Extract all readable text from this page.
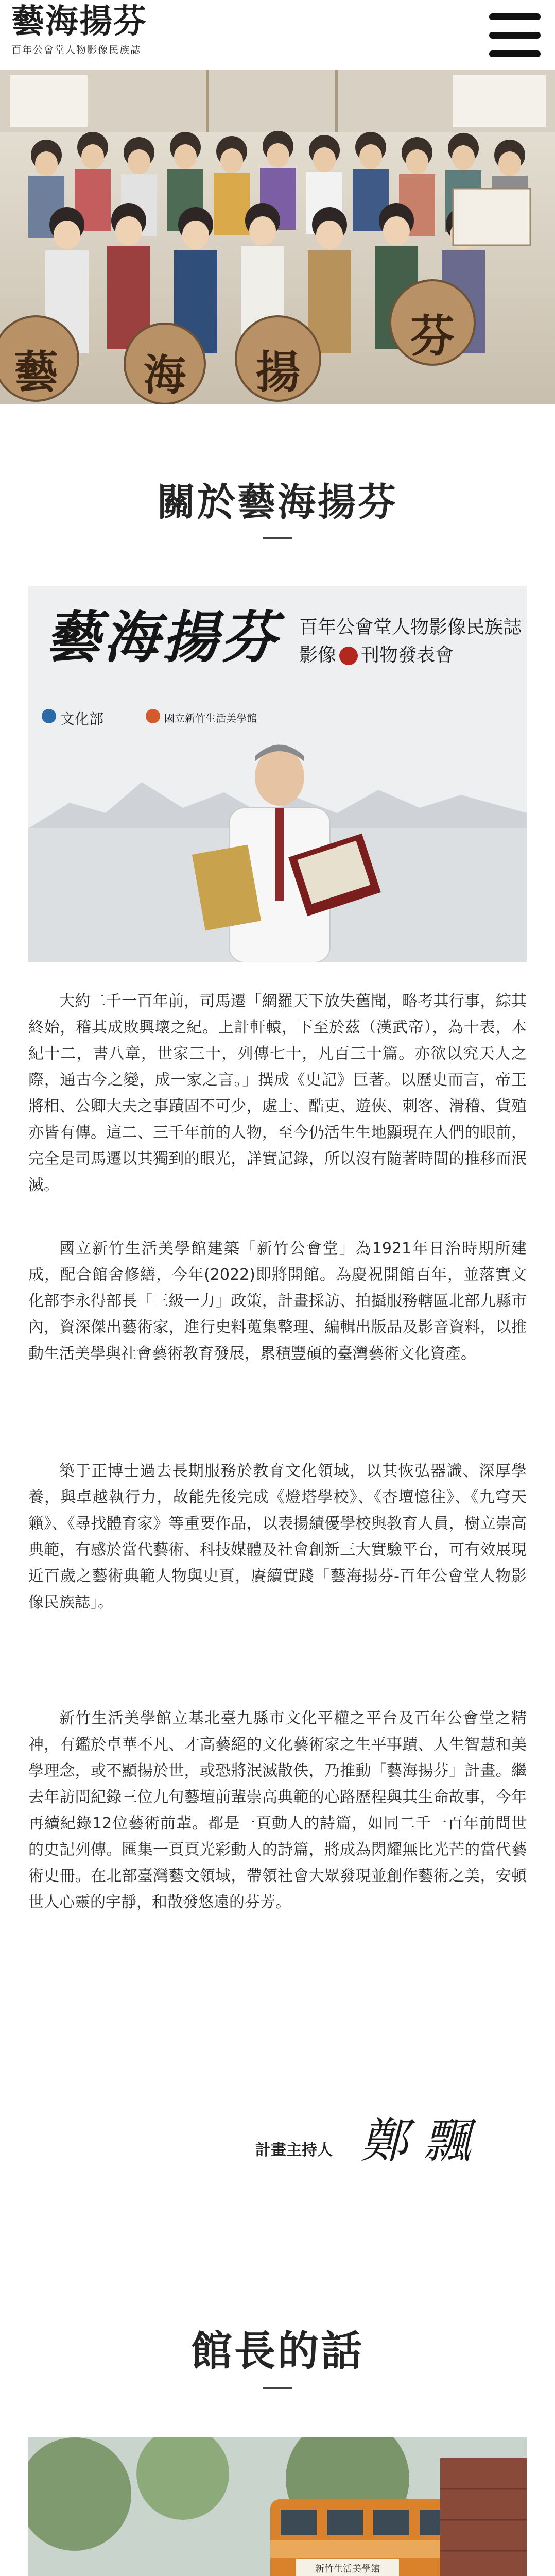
藝海揚芬
百年公會堂人物影像民族誌
藝	海	揚
芬
關於藝海揚芬
藝海揚芬	百年公會堂人物影像民族誌
影像 刊物發表會
文化部	國立新竹生活美學館

大約二千一百年前，司馬遷「網羅天下放失舊聞，略考其行事，綜其終始，稽其成敗興壞之紀。上計軒轅，下至於茲（漢武帝），為十表，本紀十二，書八章，世家三十，列傳七十，凡百三十篇。亦欲以究天人之際，通古今之變，成一家之言。」撰成《史記》巨著。以歷史而言，帝王將相、公卿大夫之事蹟固不可少，處士、酷吏、遊俠、刺客、滑稽、貨殖亦皆有傳。這二、三千年前的人物，至今仍活生生地顯現在人們的眼前，完全是司馬遷以其獨到的眼光，詳實記錄，所以沒有隨著時間的推移而泯滅。

國立新竹生活美學館建築「新竹公會堂」為1921年日治時期所建成，配合館舍修繕，今年(2022)即將開館。為慶祝開館百年，並落實文化部李永得部長「三級一力」政策，計畫採訪、拍攝服務轄區北部九縣市內，資深傑出藝術家，進行史料蒐集整理、編輯出版品及影音資料，以推動生活美學與社會藝術教育發展，累積豐碩的臺灣藝術文化資產。

築于正博士過去長期服務於教育文化領域，以其恢弘器識、深厚學養，與卓越執行力，故能先後完成《燈塔學校》、《杏壇憶往》、《九穹天籟》、《尋找體育家》等重要作品，以表揚績優學校與教育人員，樹立崇高典範，有感於當代藝術、科技媒體及社會創新三大實驗平台，可有效展現近百歲之藝術典範人物與史頁，賡續實踐「藝海揚芬-百年公會堂人物影像民族誌」。

新竹生活美學館立基北臺九縣市文化平權之平台及百年公會堂之精神，有鑑於卓華不凡、才高藝絕的文化藝術家之生平事蹟、人生智慧和美學理念，或不顯揚於世，或恐將泯滅散佚，乃推動「藝海揚芬」計畫。繼去年訪問紀錄三位九旬藝壇前輩崇高典範的心路歷程與其生命故事，今年再續紀錄12位藝術前輩。都是一頁動人的詩篇，如同二千一百年前問世的史記列傳。匯集一頁頁光彩動人的詩篇，將成為閃耀無比光芒的當代藝術史冊。在北部臺灣藝文領域，帶領社會大眾發現並創作藝術之美，安頓世人心靈的宇靜，和散發悠遠的芬芳。

計畫主持人 鄭飄
館長的話
新竹生活美學館
